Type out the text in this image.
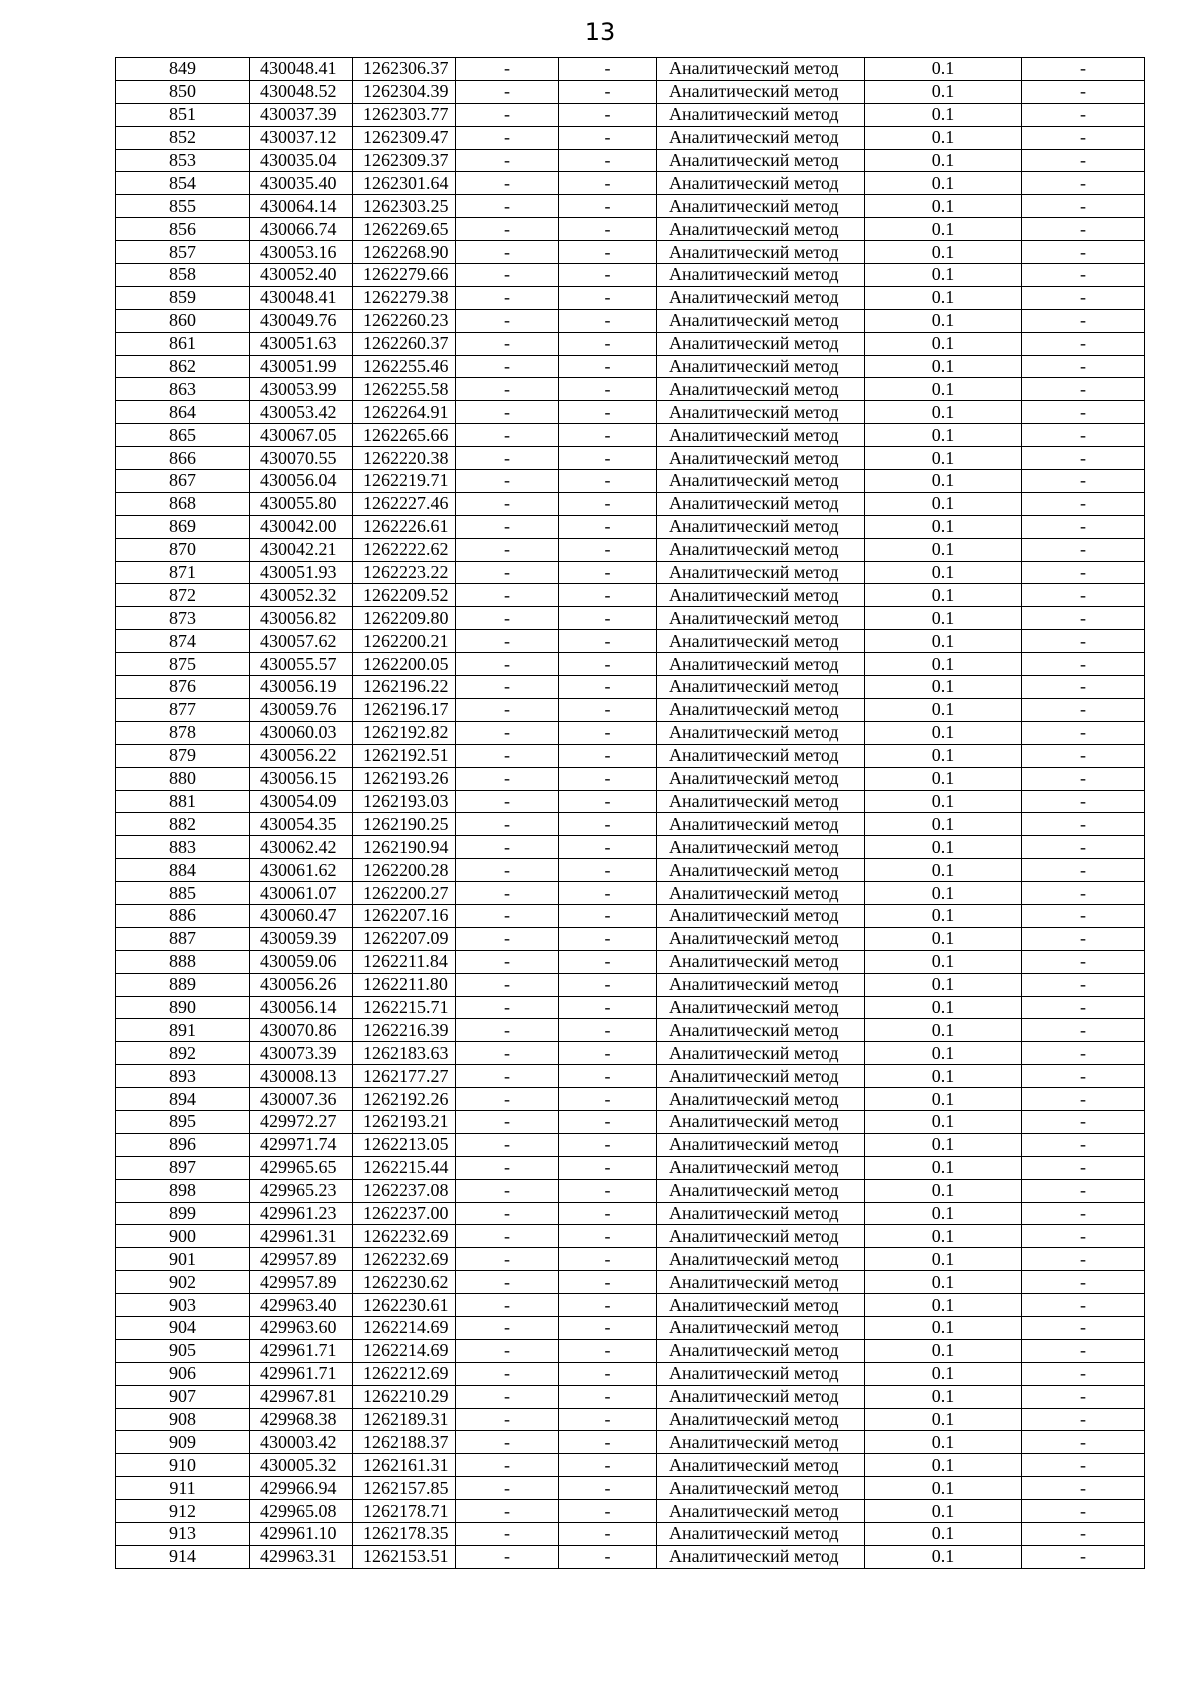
13
849	430048.41	1262306.37	-	-	Аналитический метод	0.1	-
850	430048.52	1262304.39	-	-	Аналитический метод	0.1	-
851	430037.39	1262303.77	-	-	Аналитический метод	0.1	-
852	430037.12	1262309.47	-	-	Аналитический метод	0.1	-
853	430035.04	1262309.37	-	-	Аналитический метод	0.1	-
854	430035.40	1262301.64	-	-	Аналитический метод	0.1	-
855	430064.14	1262303.25	-	-	Аналитический метод	0.1	-
856	430066.74	1262269.65	-	-	Аналитический метод	0.1	-
857	430053.16	1262268.90	-	-	Аналитический метод	0.1	-
858	430052.40	1262279.66	-	-	Аналитический метод	0.1	-
859	430048.41	1262279.38	-	-	Аналитический метод	0.1	-
860	430049.76	1262260.23	-	-	Аналитический метод	0.1	-
861	430051.63	1262260.37	-	-	Аналитический метод	0.1	-
862	430051.99	1262255.46	-	-	Аналитический метод	0.1	-
863	430053.99	1262255.58	-	-	Аналитический метод	0.1	-
864	430053.42	1262264.91	-	-	Аналитический метод	0.1	-
865	430067.05	1262265.66	-	-	Аналитический метод	0.1	-
866	430070.55	1262220.38	-	-	Аналитический метод	0.1	-
867	430056.04	1262219.71	-	-	Аналитический метод	0.1	-
868	430055.80	1262227.46	-	-	Аналитический метод	0.1	-
869	430042.00	1262226.61	-	-	Аналитический метод	0.1	-
870	430042.21	1262222.62	-	-	Аналитический метод	0.1	-
871	430051.93	1262223.22	-	-	Аналитический метод	0.1	-
872	430052.32	1262209.52	-	-	Аналитический метод	0.1	-
873	430056.82	1262209.80	-	-	Аналитический метод	0.1	-
874	430057.62	1262200.21	-	-	Аналитический метод	0.1	-
875	430055.57	1262200.05	-	-	Аналитический метод	0.1	-
876	430056.19	1262196.22	-	-	Аналитический метод	0.1	-
877	430059.76	1262196.17	-	-	Аналитический метод	0.1	-
878	430060.03	1262192.82	-	-	Аналитический метод	0.1	-
879	430056.22	1262192.51	-	-	Аналитический метод	0.1	-
880	430056.15	1262193.26	-	-	Аналитический метод	0.1	-
881	430054.09	1262193.03	-	-	Аналитический метод	0.1	-
882	430054.35	1262190.25	-	-	Аналитический метод	0.1	-
883	430062.42	1262190.94	-	-	Аналитический метод	0.1	-
884	430061.62	1262200.28	-	-	Аналитический метод	0.1	-
885	430061.07	1262200.27	-	-	Аналитический метод	0.1	-
886	430060.47	1262207.16	-	-	Аналитический метод	0.1	-
887	430059.39	1262207.09	-	-	Аналитический метод	0.1	-
888	430059.06	1262211.84	-	-	Аналитический метод	0.1	-
889	430056.26	1262211.80	-	-	Аналитический метод	0.1	-
890	430056.14	1262215.71	-	-	Аналитический метод	0.1	-
891	430070.86	1262216.39	-	-	Аналитический метод	0.1	-
892	430073.39	1262183.63	-	-	Аналитический метод	0.1	-
893	430008.13	1262177.27	-	-	Аналитический метод	0.1	-
894	430007.36	1262192.26	-	-	Аналитический метод	0.1	-
895	429972.27	1262193.21	-	-	Аналитический метод	0.1	-
896	429971.74	1262213.05	-	-	Аналитический метод	0.1	-
897	429965.65	1262215.44	-	-	Аналитический метод	0.1	-
898	429965.23	1262237.08	-	-	Аналитический метод	0.1	-
899	429961.23	1262237.00	-	-	Аналитический метод	0.1	-
900	429961.31	1262232.69	-	-	Аналитический метод	0.1	-
901	429957.89	1262232.69	-	-	Аналитический метод	0.1	-
902	429957.89	1262230.62	-	-	Аналитический метод	0.1	-
903	429963.40	1262230.61	-	-	Аналитический метод	0.1	-
904	429963.60	1262214.69	-	-	Аналитический метод	0.1	-
905	429961.71	1262214.69	-	-	Аналитический метод	0.1	-
906	429961.71	1262212.69	-	-	Аналитический метод	0.1	-
907	429967.81	1262210.29	-	-	Аналитический метод	0.1	-
908	429968.38	1262189.31	-	-	Аналитический метод	0.1	-
909	430003.42	1262188.37	-	-	Аналитический метод	0.1	-
910	430005.32	1262161.31	-	-	Аналитический метод	0.1	-
911	429966.94	1262157.85	-	-	Аналитический метод	0.1	-
912	429965.08	1262178.71	-	-	Аналитический метод	0.1	-
913	429961.10	1262178.35	-	-	Аналитический метод	0.1	-
914	429963.31	1262153.51	-	-	Аналитический метод	0.1	-
